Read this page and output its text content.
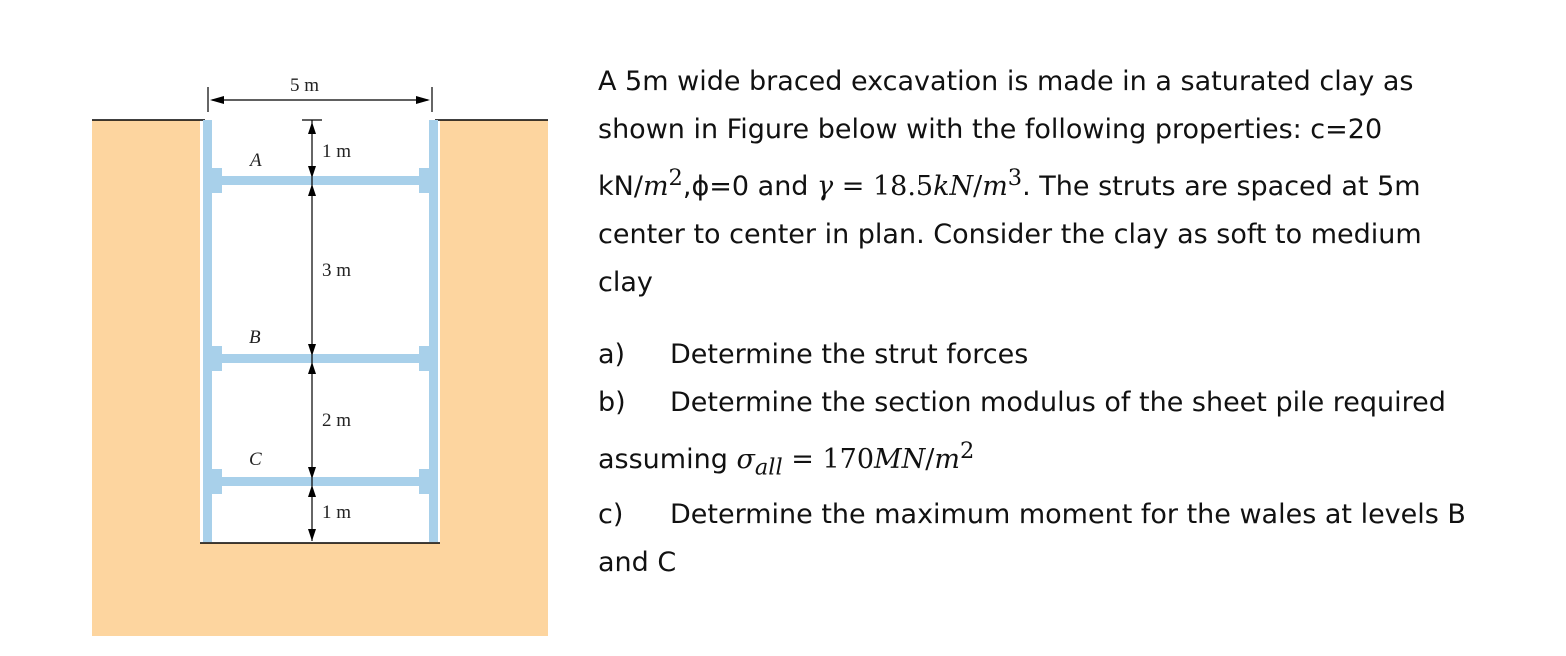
5 m
1 m
3 m
2 m
1 m
A
B
C

A 5m wide braced excavation is made in a saturated clay as
shown in Figure below with the following properties: c=20
$kN/m^2,\phi=0$ and $\gamma = 18.5kN/m^3$. The struts are spaced at 5m
center to center in plan. Consider the clay as soft to medium
clay

a) Determine the strut forces

b) Determine the section modulus of the sheet pile required
assuming $\sigma_{all} = 170MN/m^2$

c) Determine the maximum moment for the wales at levels B
and C
